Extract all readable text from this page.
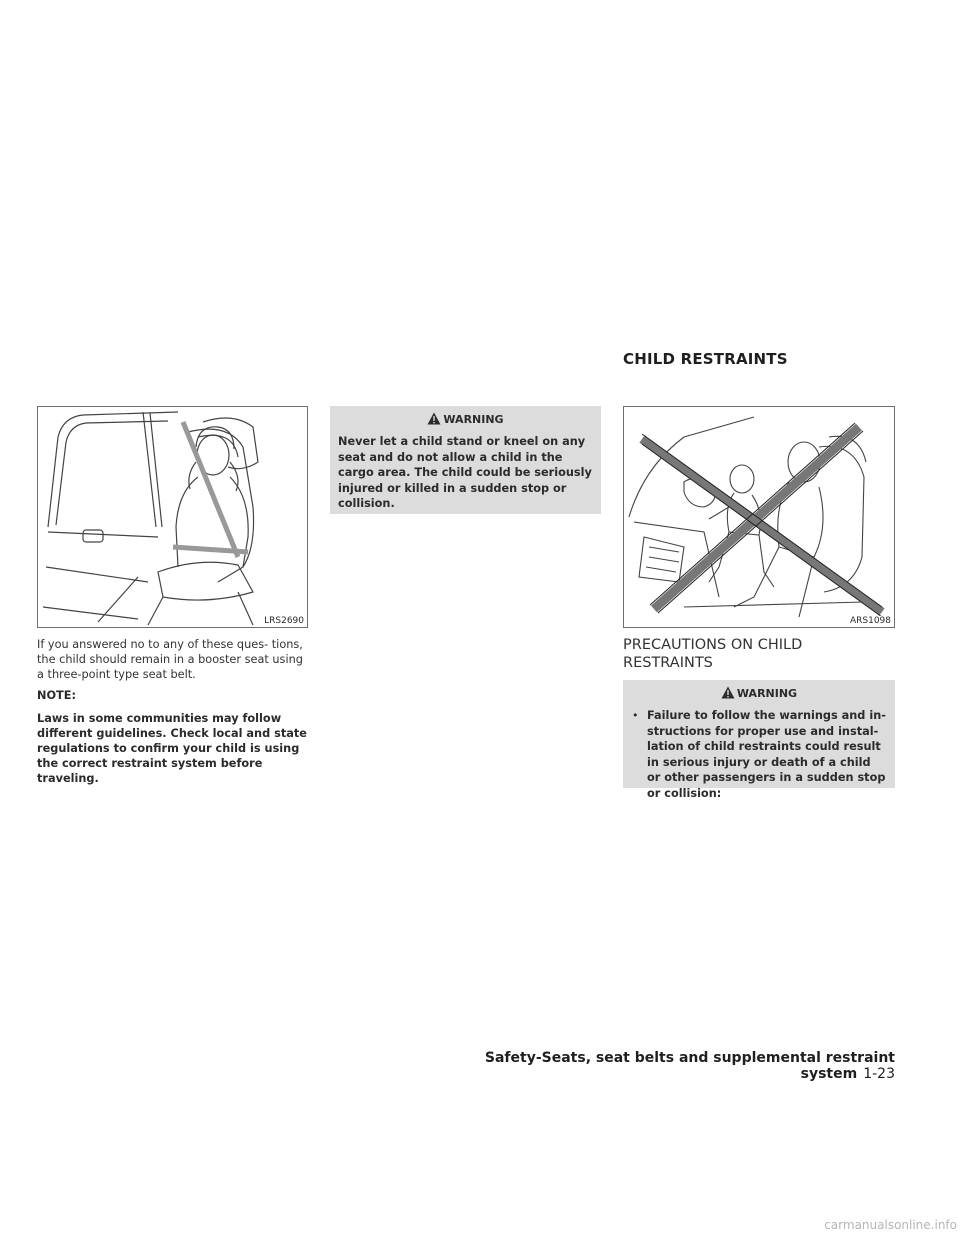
CHILD RESTRAINTS
LRS2690
If you answered no to any of these ques- tions, the child should remain in a booster seat using a three-point type seat belt.
NOTE:
Laws in some communities may follow different guidelines. Check local and state regulations to confirm your child is using the correct restraint system before traveling.
WARNING
Never let a child stand or kneel on any seat and do not allow a child in the cargo area. The child could be seriously injured or killed in a sudden stop or collision.
ARS1098
PRECAUTIONS ON CHILD RESTRAINTS
WARNING
• Failure to follow the warnings and in- structions for proper use and instal- lation of child restraints could result in serious injury or death of a child or other passengers in a sudden stop or collision:
Safety-Seats, seat belts and supplemental restraint system 1-23
carmanualsonline.info
